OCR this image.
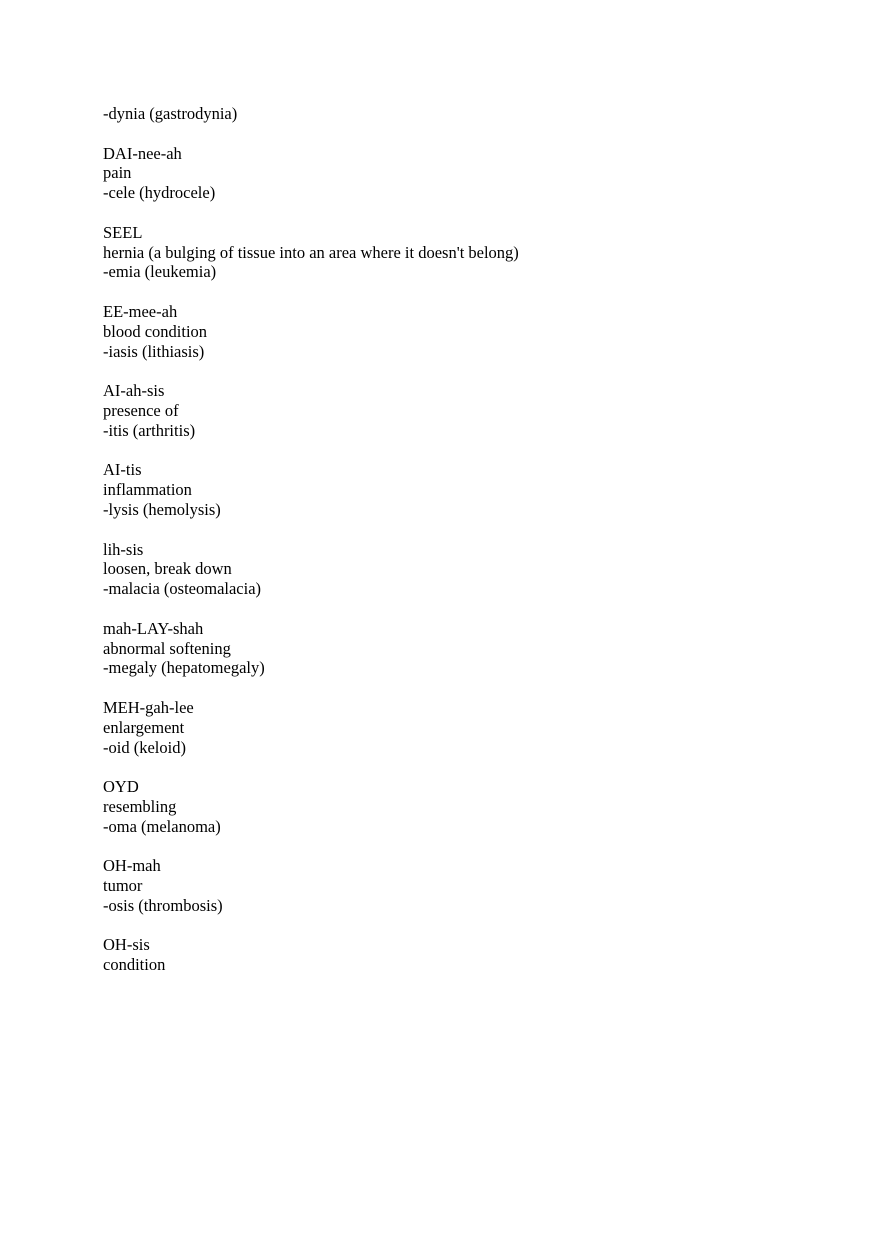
-dynia (gastrodynia)
DAI-nee-ah
pain
-cele (hydrocele)
SEEL
hernia (a bulging of tissue into an area where it doesn't belong)
-emia (leukemia)
EE-mee-ah
blood condition
-iasis (lithiasis)
AI-ah-sis
presence of
-itis (arthritis)
AI-tis
inflammation
-lysis (hemolysis)
lih-sis
loosen, break down
-malacia (osteomalacia)
mah-LAY-shah
abnormal softening
-megaly (hepatomegaly)
MEH-gah-lee
enlargement
-oid (keloid)
OYD
resembling
-oma (melanoma)
OH-mah
tumor
-osis (thrombosis)
OH-sis
condition
